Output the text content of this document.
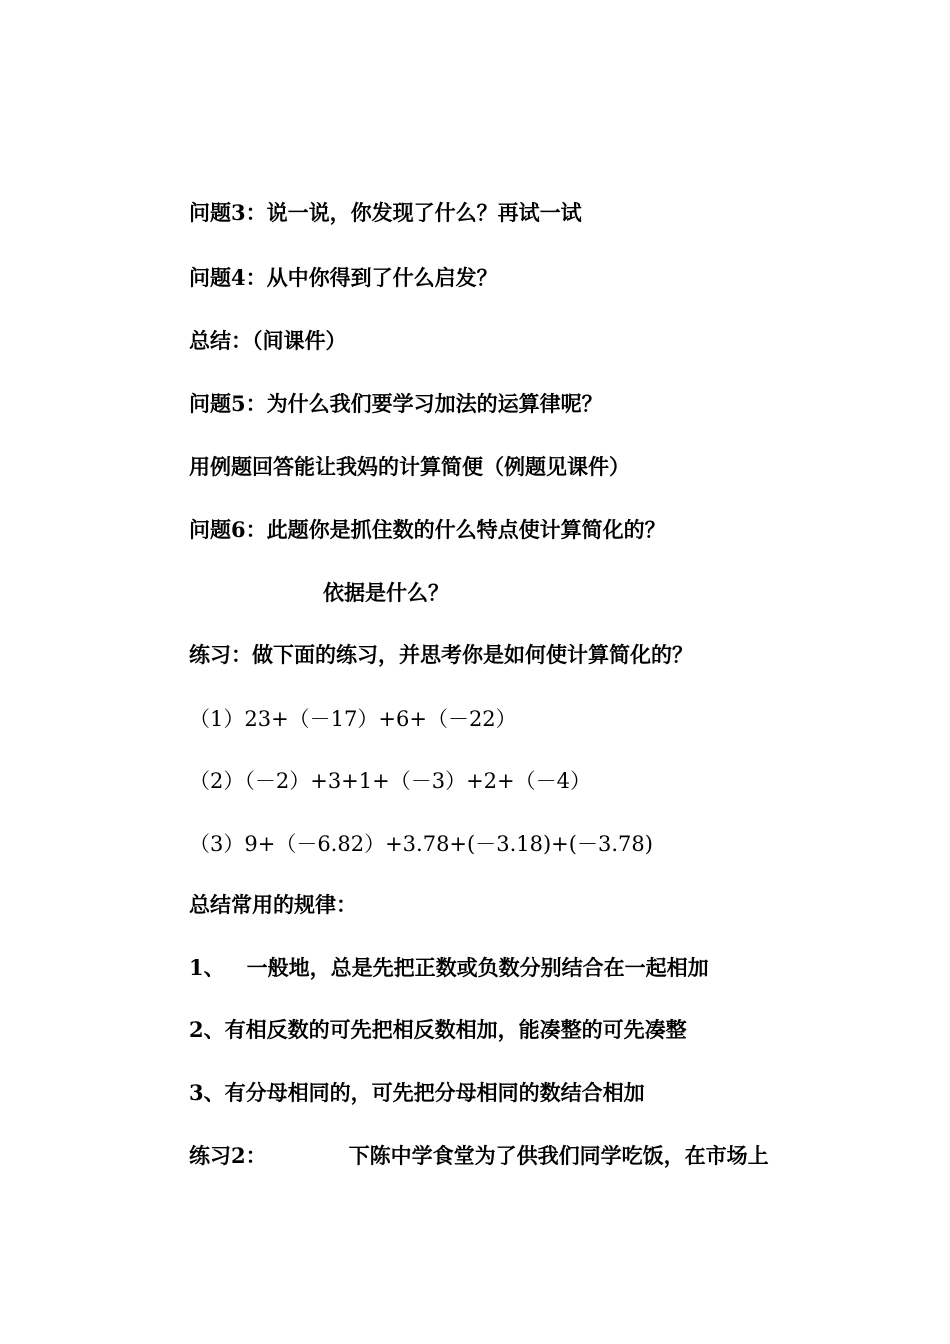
问题3：说一说，你发现了什么？再试一试
问题4：从中你得到了什么启发？
总结：（间课件）
问题5：为什么我们要学习加法的运算律呢？
用例题回答能让我妈的计算简便（例题见课件）
问题6：此题你是抓住数的什么特点使计算简化的？
依据是什么？
练习：做下面的练习，并思考你是如何使计算简化的？
（1）23+（－17）+6+（－22）
（2）（－2）+3+1+（－3）+2+（－4）
（3）9+（－6.82）+3.78+(－3.18)+(－3.78)
总结常用的规律：
1、 一般地，总是先把正数或负数分别结合在一起相加
2、有相反数的可先把相反数相加，能凑整的可先凑整
3、有分母相同的，可先把分母相同的数结合相加
练习2：	下陈中学食堂为了供我们同学吃饭，在市场上
